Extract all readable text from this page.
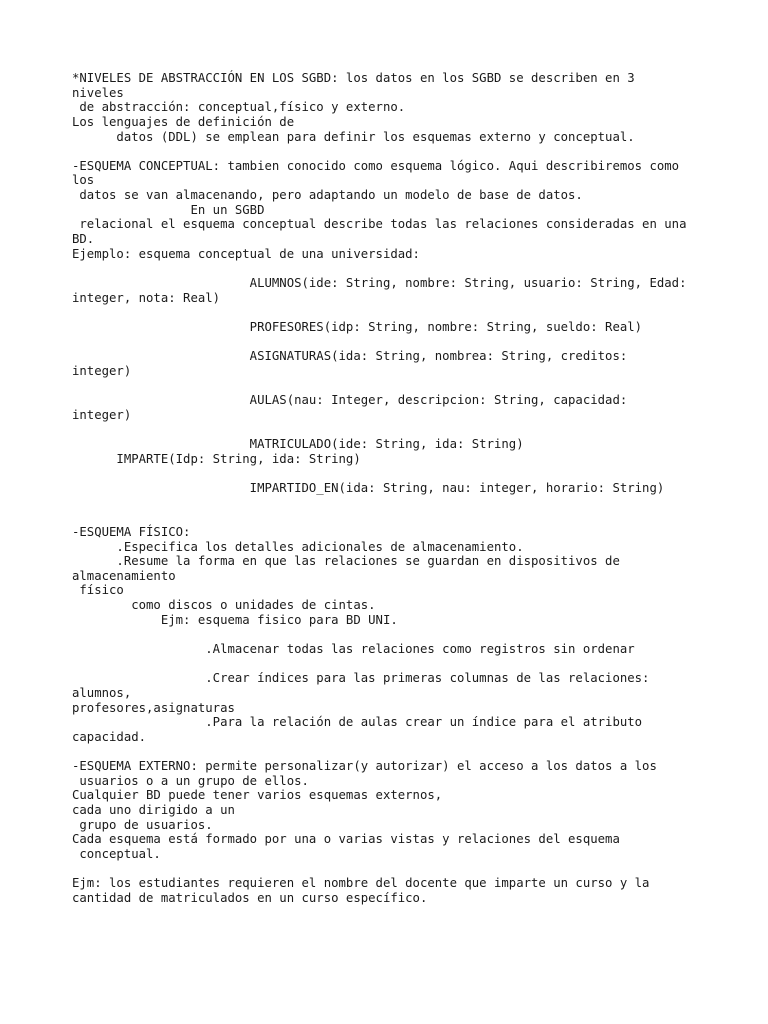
*NIVELES DE ABSTRACCIÓN EN LOS SGBD: los datos en los SGBD se describen en 3
niveles
de abstracción: conceptual,físico y externo.
Los lenguajes de definición de
datos (DDL) se emplean para definir los esquemas externo y conceptual.
-ESQUEMA CONCEPTUAL: tambien conocido como esquema lógico. Aqui describiremos como
los
datos se van almacenando, pero adaptando un modelo de base de datos.
En un SGBD
relacional el esquema conceptual describe todas las relaciones consideradas en una
BD.
Ejemplo: esquema conceptual de una universidad:
ALUMNOS(ide: String, nombre: String, usuario: String, Edad:
integer, nota: Real)
PROFESORES(idp: String, nombre: String, sueldo: Real)
ASIGNATURAS(ida: String, nombrea: String, creditos:
integer)
AULAS(nau: Integer, descripcion: String, capacidad:
integer)
MATRICULADO(ide: String, ida: String)
IMPARTE(Idp: String, ida: String)
IMPARTIDO_EN(ida: String, nau: integer, horario: String)
-ESQUEMA FÍSICO:
.Especifica los detalles adicionales de almacenamiento.
.Resume la forma en que las relaciones se guardan en dispositivos de
almacenamiento
físico
como discos o unidades de cintas.
Ejm: esquema fisico para BD UNI.
.Almacenar todas las relaciones como registros sin ordenar
.Crear índices para las primeras columnas de las relaciones:
alumnos,
profesores,asignaturas
.Para la relación de aulas crear un índice para el atributo
capacidad.
-ESQUEMA EXTERNO: permite personalizar(y autorizar) el acceso a los datos a los
usuarios o a un grupo de ellos.
Cualquier BD puede tener varios esquemas externos,
cada uno dirigido a un
grupo de usuarios.
Cada esquema está formado por una o varias vistas y relaciones del esquema
conceptual.
Ejm: los estudiantes requieren el nombre del docente que imparte un curso y la
cantidad de matriculados en un curso específico.
